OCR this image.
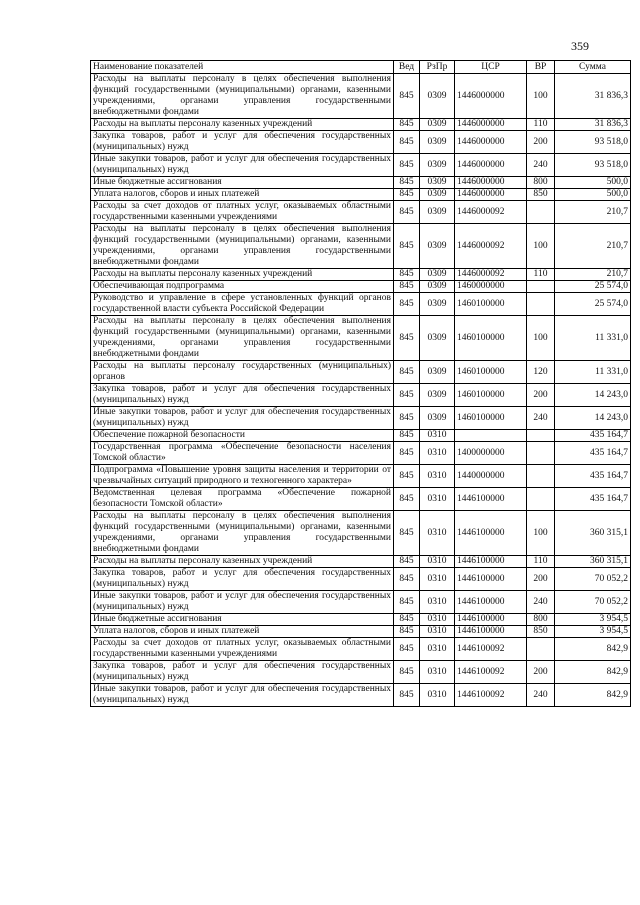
359
Наименование показателей	Вед	РзПр	ЦСР	ВР	Сумма
Расходы на выплаты персоналу в целях обеспечения выполнения функций государственными (муниципальными) органами, казенными учреждениями, органами управления государственными внебюджетными фондами	845	0309	1446000000	100	31 836,3
Расходы на выплаты персоналу казенных учреждений	845	0309	1446000000	110	31 836,3
Закупка товаров, работ и услуг для обеспечения государственных (муниципальных) нужд	845	0309	1446000000	200	93 518,0
Иные закупки товаров, работ и услуг для обеспечения государственных (муниципальных) нужд	845	0309	1446000000	240	93 518,0
Иные бюджетные ассигнования	845	0309	1446000000	800	500,0
Уплата налогов, сборов и иных платежей	845	0309	1446000000	850	500,0
Расходы за счет доходов от платных услуг, оказываемых областными государственными казенными учреждениями	845	0309	1446000092		210,7
Расходы на выплаты персоналу в целях обеспечения выполнения функций государственными (муниципальными) органами, казенными учреждениями, органами управления государственными внебюджетными фондами	845	0309	1446000092	100	210,7
Расходы на выплаты персоналу казенных учреждений	845	0309	1446000092	110	210,7
Обеспечивающая подпрограмма	845	0309	1460000000		25 574,0
Руководство и управление в сфере установленных функций органов государственной власти субъекта Российской Федерации	845	0309	1460100000		25 574,0
Расходы на выплаты персоналу в целях обеспечения выполнения функций государственными (муниципальными) органами, казенными учреждениями, органами управления государственными внебюджетными фондами	845	0309	1460100000	100	11 331,0
Расходы на выплаты персоналу государственных (муниципальных) органов	845	0309	1460100000	120	11 331,0
Закупка товаров, работ и услуг для обеспечения государственных (муниципальных) нужд	845	0309	1460100000	200	14 243,0
Иные закупки товаров, работ и услуг для обеспечения государственных (муниципальных) нужд	845	0309	1460100000	240	14 243,0
Обеспечение пожарной безопасности	845	0310			435 164,7
Государственная программа «Обеспечение безопасности населения Томской области»	845	0310	1400000000		435 164,7
Подпрограмма «Повышение уровня защиты населения и территории от чрезвычайных ситуаций природного и техногенного характера»	845	0310	1440000000		435 164,7
Ведомственная целевая программа «Обеспечение пожарной безопасности Томской области»	845	0310	1446100000		435 164,7
Расходы на выплаты персоналу в целях обеспечения выполнения функций государственными (муниципальными) органами, казенными учреждениями, органами управления государственными внебюджетными фондами	845	0310	1446100000	100	360 315,1
Расходы на выплаты персоналу казенных учреждений	845	0310	1446100000	110	360 315,1
Закупка товаров, работ и услуг для обеспечения государственных (муниципальных) нужд	845	0310	1446100000	200	70 052,2
Иные закупки товаров, работ и услуг для обеспечения государственных (муниципальных) нужд	845	0310	1446100000	240	70 052,2
Иные бюджетные ассигнования	845	0310	1446100000	800	3 954,5
Уплата налогов, сборов и иных платежей	845	0310	1446100000	850	3 954,5
Расходы за счет доходов от платных услуг, оказываемых областными государственными казенными учреждениями	845	0310	1446100092		842,9
Закупка товаров, работ и услуг для обеспечения государственных (муниципальных) нужд	845	0310	1446100092	200	842,9
Иные закупки товаров, работ и услуг для обеспечения государственных (муниципальных) нужд	845	0310	1446100092	240	842,9
